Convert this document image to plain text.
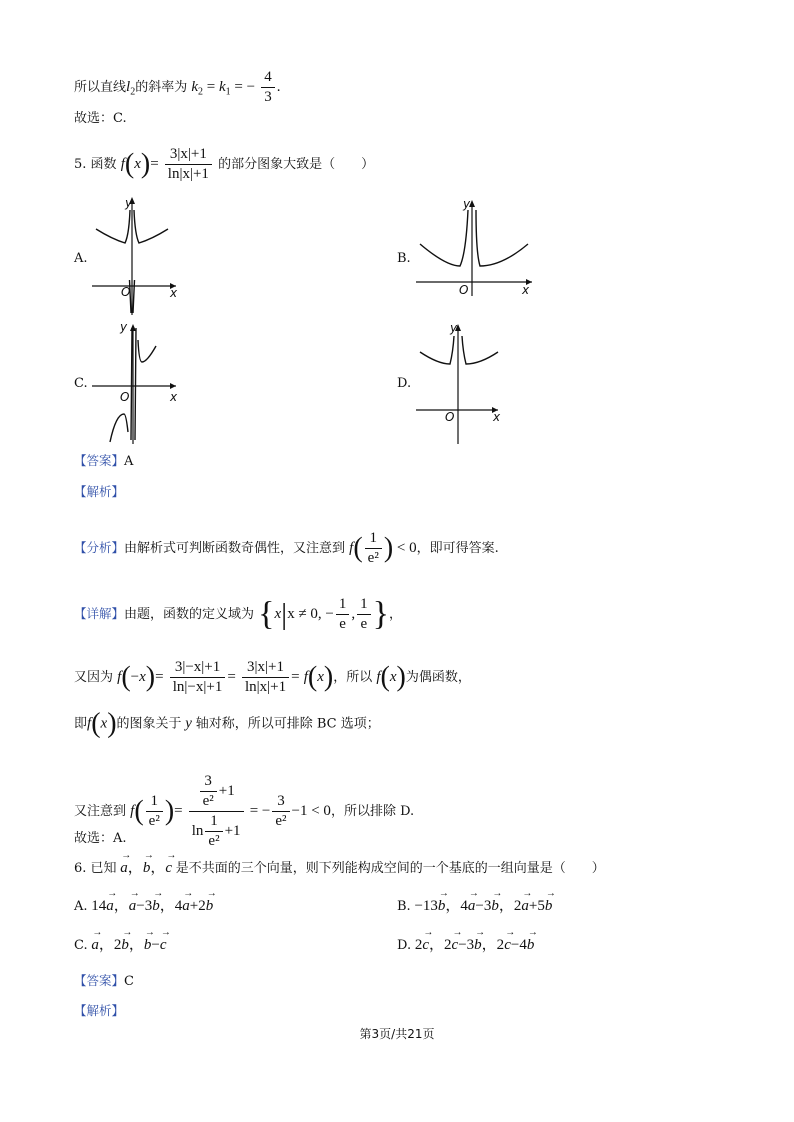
所以直线$l_2$的斜率为 $k_2 = k_1$ = − $\frac{4}{3}$ .
故选：C.
5. 函数 $f(x)= \frac{3|x|+1}{\ln|x|+1}$ 的部分图象大致是（　　）
A.
y
O	x
B.
y
O	x
C.
y
O	x
D.
y
O	x
【答案】A
【解析】
【分析】由解析式可判断函数奇偶性，又注意到 $f( \frac{1}{\text{e²}}$ ) < 0，即可得答案.
【详解】由题，函数的定义域为 {x|x ≠ 0, − $\frac{1}{e}$ , $\frac{1}{e}$ }，
又因为 $f(-x)= \frac{3|-x|+1}{\ln|-x|+1} = \frac{3|x|+1}{\ln|x|+1} = f(x)$，所以 f(x)为偶函数，
即f(x)的图象关于 y 轴对称，所以可排除 BC 选项；
又注意到 $f( \frac{1}{\text{e²}}$ )= $\frac{\frac{3}{\text{e²}} +1}{\ln \frac{1}{\text{e²}} +1}$ = − $\frac{3}{\text{e²}} -1 < 0$，所以排除 D.
故选：A.
6. 已知 → a，→ b，→ c 是不共面的三个向量，则下列能构成空间的一个基底的一组向量是（　　）
A. 14→ a，→ a−3→ b，4→ a+2→ b	B. −13→ b，4→ a−3→ b，2→ a+5→ b
C. → a，2→ b，→ b−→ c	D. 2→ c，2→ c−3→ b，2→ c−4→ b
【答案】C
【解析】
第3页/共21页
